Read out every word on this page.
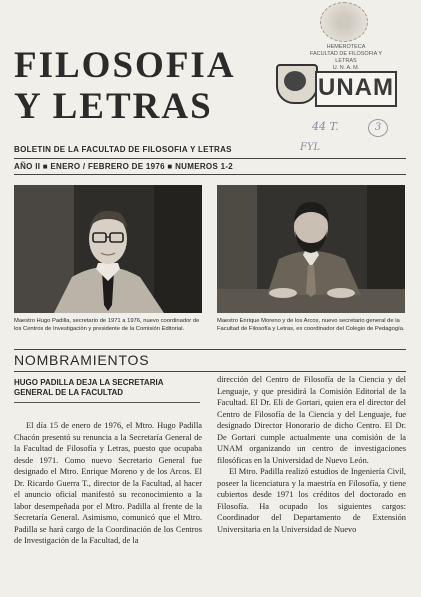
FILOSOFIA
Y LETRAS
HEMEROTECA
FACULTAD DE FILOSOFIA Y LETRAS
U. N. A. M.
UNAM
44 T.	3
FYL
BOLETIN DE LA FACULTAD DE FILOSOFIA Y LETRAS
AÑO II ■ ENERO / FEBRERO DE 1976 ■ NUMEROS 1-2
Maestro Hugo Padilla, secretario de 1971 a 1976, nuevo coordinador de los Centros de Investigación y presidente de la Comisión Editorial.
Maestro Enrique Moreno y de los Arcos, nuevo secretario general de la Facultad de Filosofía y Letras, ex coordinador del Colegio de Pedagogía.
NOMBRAMIENTOS
HUGO PADILLA DEJA LA SECRETARIA GENERAL DE LA FACULTAD

El día 15 de enero de 1976, el Mtro. Hugo Padilla Chacón presentó su renuncia a la Secretaría General de la Facultad de Filosofía y Letras, puesto que ocupaba desde 1971. Como nuevo Secretario General fue designado el Mtro. Enrique Moreno y de los Arcos. El Dr. Ricardo Guerra T., director de la Facultad, al hacer el anuncio oficial manifestó su reconocimiento a la labor desempeñada por el Mtro. Padilla al frente de la Secretaría General. Asimismo, comunicó que el Mtro. Padilla se hará cargo de la Coordinación de los Centros de Investigación de la Facultad, de la

dirección del Centro de Filosofía de la Ciencia y del Lenguaje, y que presidirá la Comisión Editorial de la Facultad. El Dr. Eli de Gortari, quien era el director del Centro de Filosofía de la Ciencia y del Lenguaje, fue designado Director Honorario de dicho Centro. El Dr. De Gortari cumple actualmente una comisión de la UNAM organizando un centro de investigaciones filosóficas en la Universidad de Nuevo León.

El Mtro. Padilla realizó estudios de Ingeniería Civil, poseer la licenciatura y la maestría en Filosofía, y tiene cubiertos desde 1971 los créditos del doctorado en Filosofía. Ha ocupado los siguientes cargos: Coordinador del Departamento de Extensión Universitaria en la Universidad de Nuevo
